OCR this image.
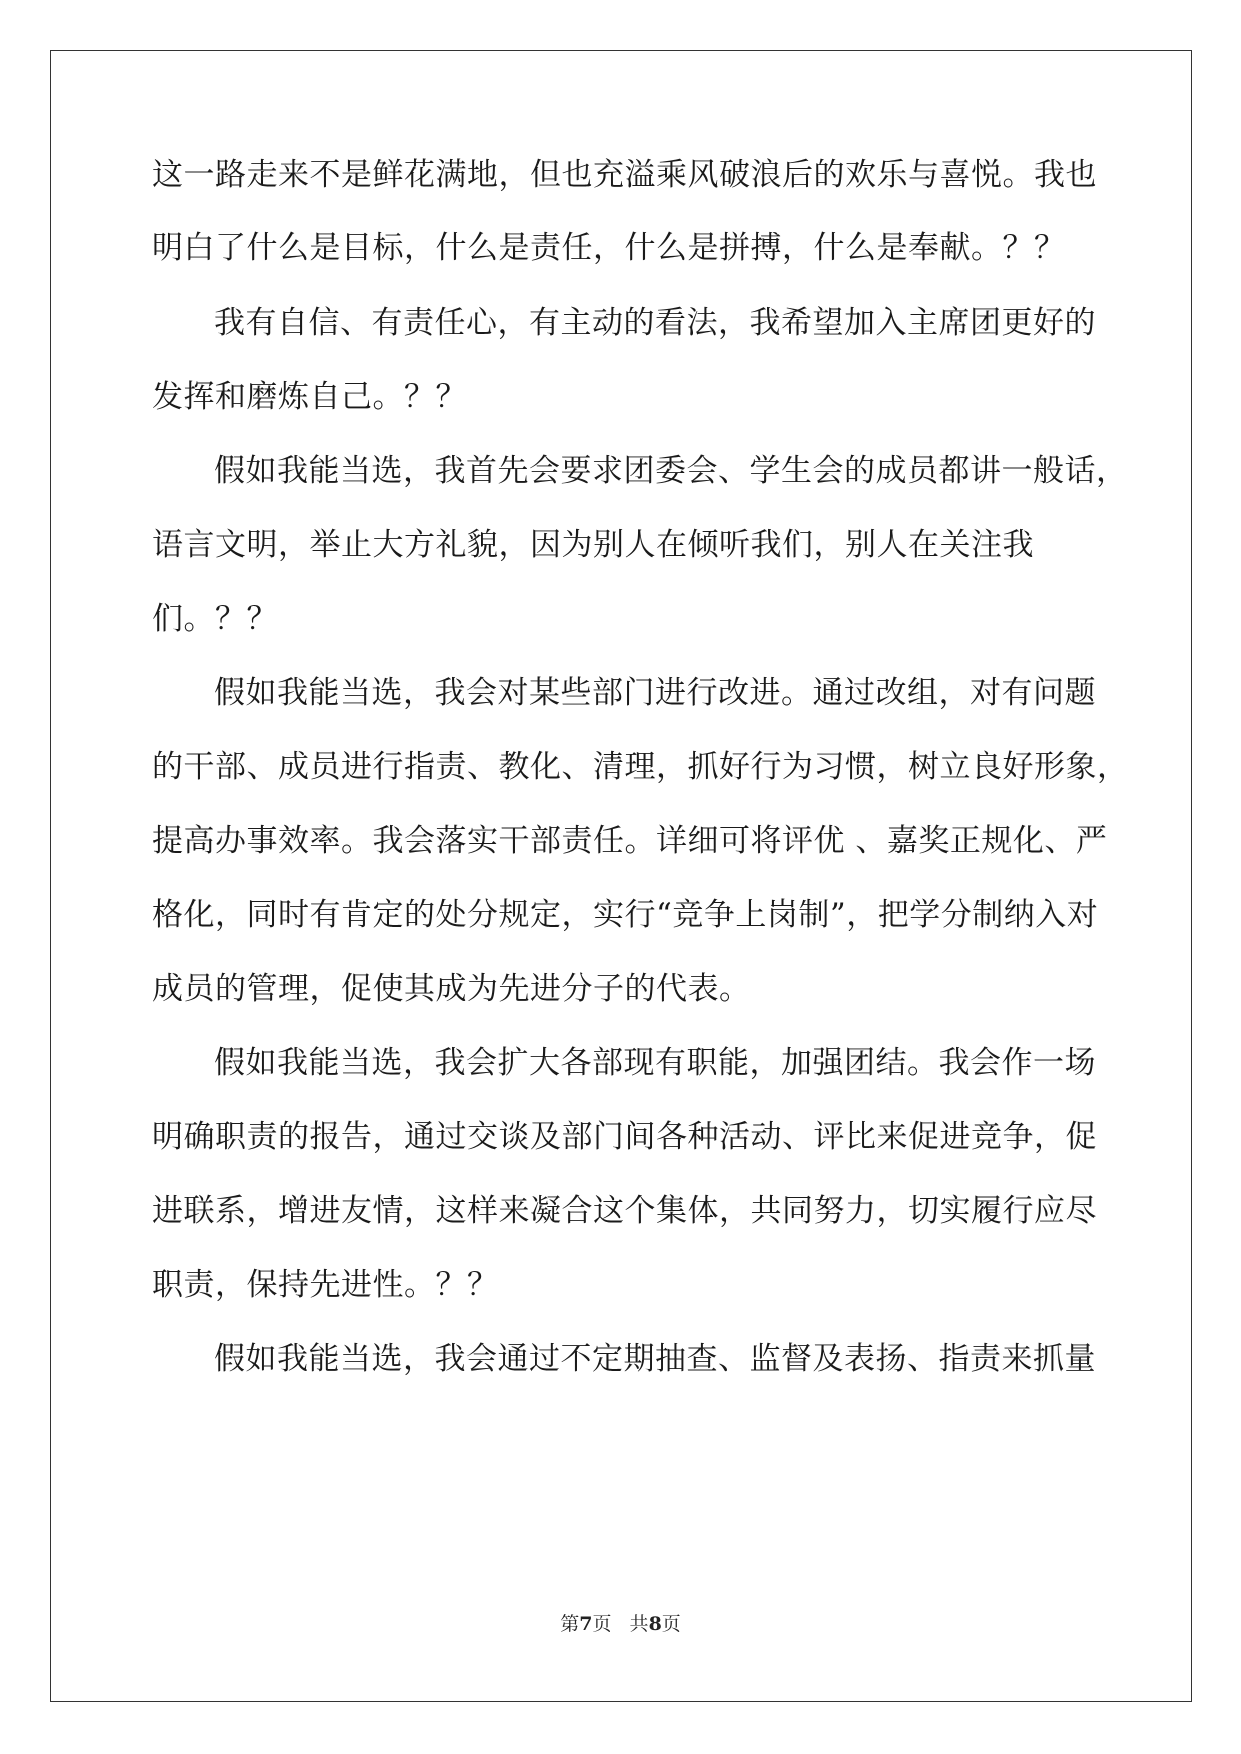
这一路走来不是鲜花满地，但也充溢乘风破浪后的欢乐与喜悦。我也
明白了什么是目标，什么是责任，什么是拼搏，什么是奉献。？？
我有自信、有责任心，有主动的看法，我希望加入主席团更好的
发挥和磨炼自己。？？
假如我能当选，我首先会要求团委会、学生会的成员都讲一般话，
语言文明，举止大方礼貌，因为别人在倾听我们，别人在关注我
们。？？
假如我能当选，我会对某些部门进行改进。通过改组，对有问题
的干部、成员进行指责、教化、清理，抓好行为习惯，树立良好形象，
提高办事效率。我会落实干部责任。详细可将评优 、嘉奖正规化、严
格化，同时有肯定的处分规定，实行“竞争上岗制”，把学分制纳入对
成员的管理，促使其成为先进分子的代表。
假如我能当选，我会扩大各部现有职能，加强团结。我会作一场
明确职责的报告，通过交谈及部门间各种活动、评比来促进竞争，促
进联系，增进友情，这样来凝合这个集体，共同努力，切实履行应尽
职责，保持先进性。？？
假如我能当选，我会通过不定期抽查、监督及表扬、指责来抓量
第7页   共8页
